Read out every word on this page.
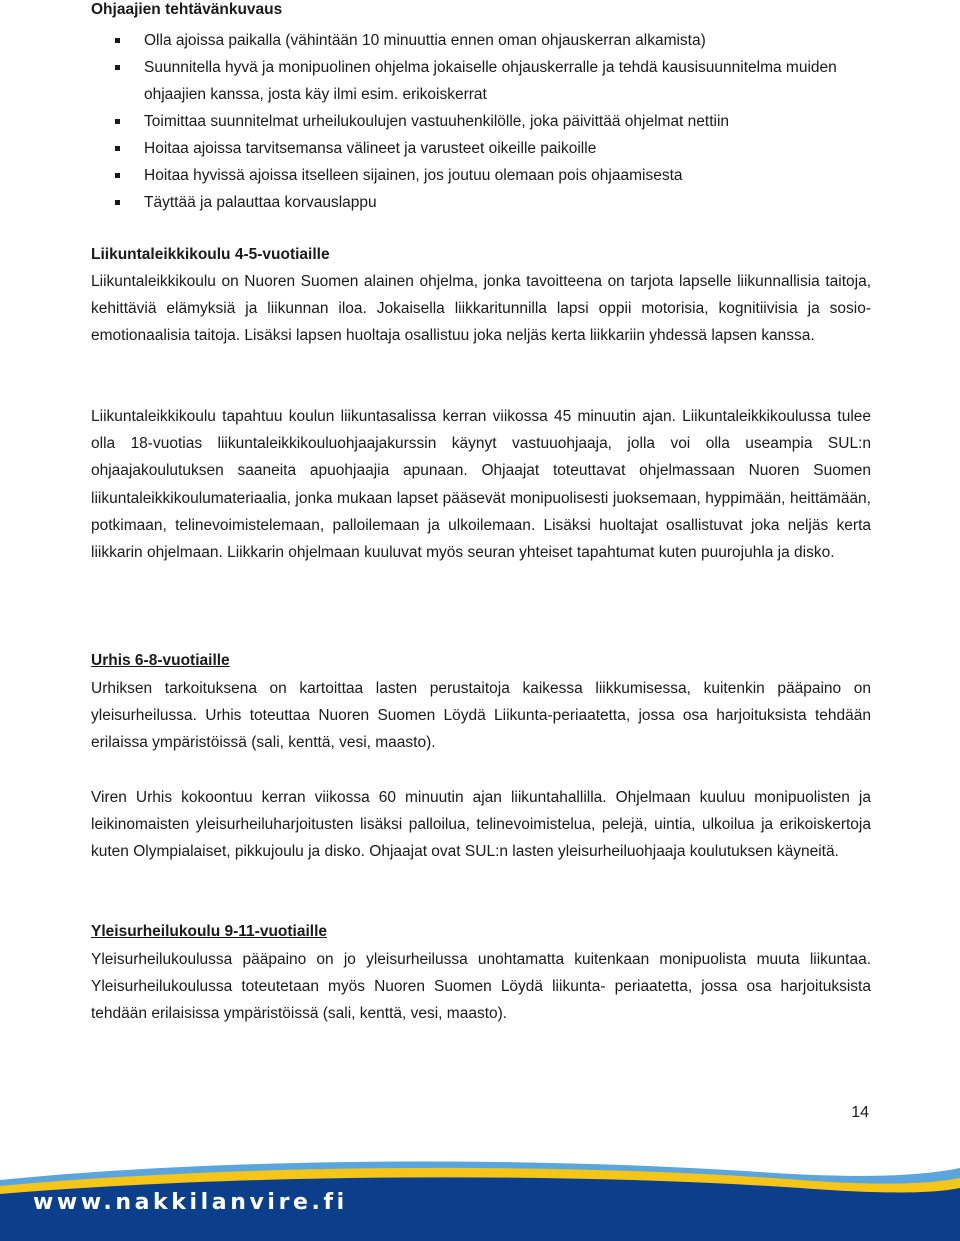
Ohjaajien tehtävänkuvaus
Olla ajoissa paikalla (vähintään 10 minuuttia ennen oman ohjauskerran alkamista)
Suunnitella hyvä ja monipuolinen ohjelma jokaiselle ohjauskerralle ja tehdä kausisuunnitelma muiden ohjaajien kanssa, josta käy ilmi esim. erikoiskerrat
Toimittaa suunnitelmat urheilukoulujen vastuuhenkilölle, joka päivittää ohjelmat nettiin
Hoitaa ajoissa tarvitsemansa välineet ja varusteet oikeille paikoille
Hoitaa hyvissä ajoissa itselleen sijainen, jos joutuu olemaan pois ohjaamisesta
Täyttää ja palauttaa korvauslappu
Liikuntaleikkikoulu 4-5-vuotiaille

Liikuntaleikkikoulu on Nuoren Suomen alainen ohjelma, jonka tavoitteena on tarjota lapselle liikunnallisia taitoja, kehittäviä elämyksiä ja liikunnan iloa. Jokaisella liikkaritunnilla lapsi oppii motorisia, kognitiivisia ja sosio-emotionaalisia taitoja. Lisäksi lapsen huoltaja osallistuu joka neljäs kerta liikkariin yhdessä lapsen kanssa.

Liikuntaleikkikoulu tapahtuu koulun liikuntasalissa kerran viikossa 45 minuutin ajan. Liikuntaleikkikoulussa tulee olla 18-vuotias liikuntaleikkikouluohjaajakurssin käynyt vastuuohjaaja, jolla voi olla useampia SUL:n ohjaajakoulutuksen saaneita apuohjaajia apunaan. Ohjaajat toteuttavat ohjelmassaan Nuoren Suomen liikuntaleikkikoulumateriaalia, jonka mukaan lapset pääsevät monipuolisesti juoksemaan, hyppimään, heittämään, potkimaan, telinevoimistelemaan, palloilemaan ja ulkoilemaan. Lisäksi huoltajat osallistuvat joka neljäs kerta liikkarin ohjelmaan. Liikkarin ohjelmaan kuuluvat myös seuran yhteiset tapahtumat kuten puurojuhla ja disko.

Urhis 6-8-vuotiaille

Urhiksen tarkoituksena on kartoittaa lasten perustaitoja kaikessa liikkumisessa, kuitenkin pääpaino on yleisurheilussa. Urhis toteuttaa Nuoren Suomen Löydä Liikunta-periaatetta, jossa osa harjoituksista tehdään erilaissa ympäristöissä (sali, kenttä, vesi, maasto).

Viren Urhis kokoontuu kerran viikossa 60 minuutin ajan liikuntahallilla. Ohjelmaan kuuluu monipuolisten ja leikinomaisten yleisurheiluharjoitusten lisäksi palloilua, telinevoimistelua, pelejä, uintia, ulkoilua ja erikoiskertoja kuten Olympialaiset, pikkujoulu ja disko. Ohjaajat ovat SUL:n lasten yleisurheiluohjaaja koulutuksen käyneitä.

Yleisurheilukoulu 9-11-vuotiaille

Yleisurheilukoulussa pääpaino on jo yleisurheilussa unohtamatta kuitenkaan monipuolista muuta liikuntaa. Yleisurheilukoulussa toteutetaan myös Nuoren Suomen Löydä liikunta- periaatetta, jossa osa harjoituksista tehdään erilaisissa ympäristöissä (sali, kenttä, vesi, maasto).

14
www.nakkilanvire.fi
